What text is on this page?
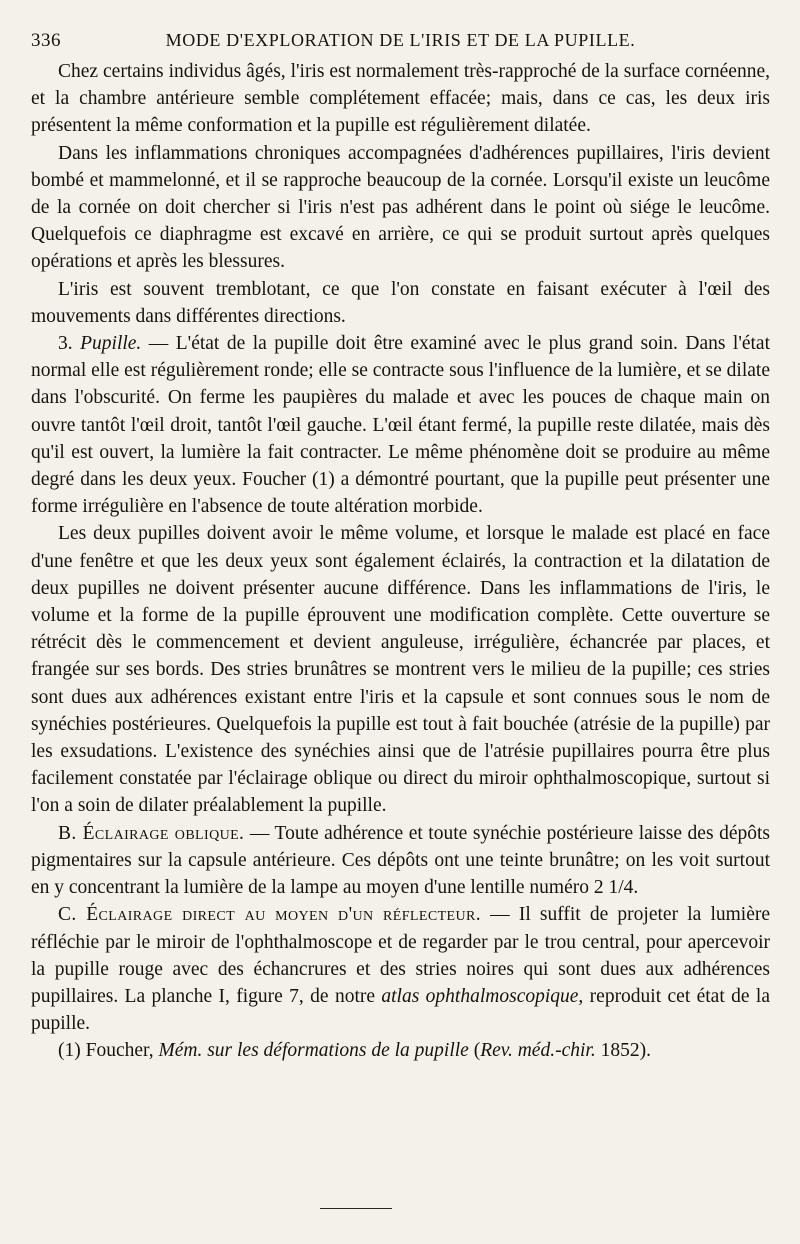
336	MODE D'EXPLORATION DE L'IRIS ET DE LA PUPILLE.

Chez certains individus âgés, l'iris est normalement très-rapproché de la surface cornéenne, et la chambre antérieure semble complétement effacée; mais, dans ce cas, les deux iris présentent la même conformation et la pupille est régulièrement dilatée.

Dans les inflammations chroniques accompagnées d'adhérences pupillaires, l'iris devient bombé et mammelonné, et il se rapproche beaucoup de la cornée. Lorsqu'il existe un leucôme de la cornée on doit chercher si l'iris n'est pas adhérent dans le point où siége le leucôme. Quelquefois ce diaphragme est excavé en arrière, ce qui se produit surtout après quelques opérations et après les blessures.

L'iris est souvent tremblotant, ce que l'on constate en faisant exécuter à l'œil des mouvements dans différentes directions.

3. Pupille. — L'état de la pupille doit être examiné avec le plus grand soin. Dans l'état normal elle est régulièrement ronde; elle se contracte sous l'influence de la lumière, et se dilate dans l'obscurité. On ferme les paupières du malade et avec les pouces de chaque main on ouvre tantôt l'œil droit, tantôt l'œil gauche. L'œil étant fermé, la pupille reste dilatée, mais dès qu'il est ouvert, la lumière la fait contracter. Le même phénomène doit se produire au même degré dans les deux yeux. Foucher (1) a démontré pourtant, que la pupille peut présenter une forme irrégulière en l'absence de toute altération morbide.

Les deux pupilles doivent avoir le même volume, et lorsque le malade est placé en face d'une fenêtre et que les deux yeux sont également éclairés, la contraction et la dilatation de deux pupilles ne doivent présenter aucune différence. Dans les inflammations de l'iris, le volume et la forme de la pupille éprouvent une modification complète. Cette ouverture se rétrécit dès le commencement et devient anguleuse, irrégulière, échancrée par places, et frangée sur ses bords. Des stries brunâtres se montrent vers le milieu de la pupille; ces stries sont dues aux adhérences existant entre l'iris et la capsule et sont connues sous le nom de synéchies postérieures. Quelquefois la pupille est tout à fait bouchée (atrésie de la pupille) par les exsudations. L'existence des synéchies ainsi que de l'atrésie pupillaires pourra être plus facilement constatée par l'éclairage oblique ou direct du miroir ophthalmoscopique, surtout si l'on a soin de dilater préalablement la pupille.

B. Éclairage oblique. — Toute adhérence et toute synéchie postérieure laisse des dépôts pigmentaires sur la capsule antérieure. Ces dépôts ont une teinte brunâtre; on les voit surtout en y concentrant la lumière de la lampe au moyen d'une lentille numéro 2 1/4.

C. Éclairage direct au moyen d'un réflecteur. — Il suffit de projeter la lumière réfléchie par le miroir de l'ophthalmoscope et de regarder par le trou central, pour apercevoir la pupille rouge avec des échancrures et des stries noires qui sont dues aux adhérences pupillaires. La planche I, figure 7, de notre atlas ophthalmoscopique, reproduit cet état de la pupille.

(1) Foucher, Mém. sur les déformations de la pupille (Rev. méd.-chir. 1852).
